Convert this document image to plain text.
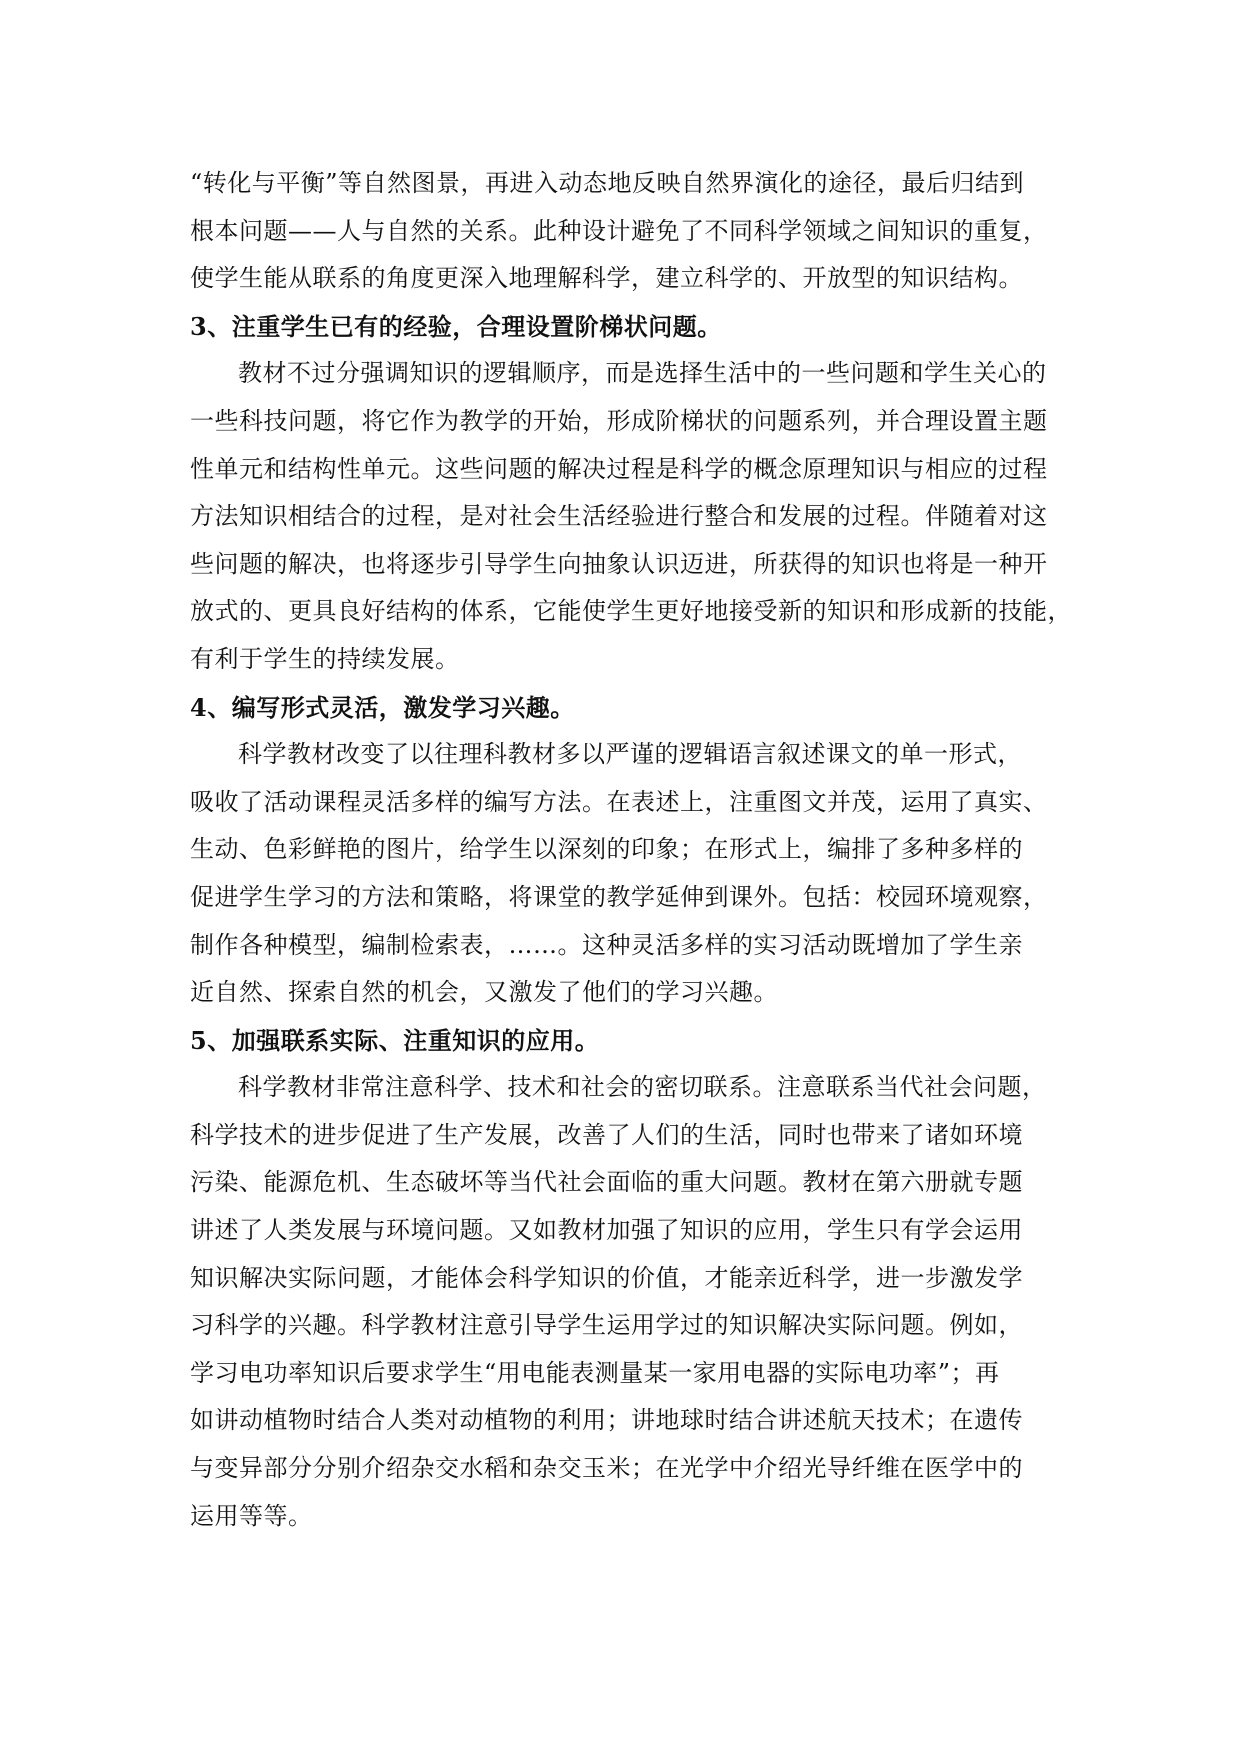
“转化与平衡”等自然图景，再进入动态地反映自然界演化的途径，最后归结到

根本问题——人与自然的关系。此种设计避免了不同科学领域之间知识的重复，

使学生能从联系的角度更深入地理解科学，建立科学的、开放型的知识结构。

3、注重学生已有的经验，合理设置阶梯状问题。

教材不过分强调知识的逻辑顺序，而是选择生活中的一些问题和学生关心的

一些科技问题，将它作为教学的开始，形成阶梯状的问题系列，并合理设置主题

性单元和结构性单元。这些问题的解决过程是科学的概念原理知识与相应的过程

方法知识相结合的过程，是对社会生活经验进行整合和发展的过程。伴随着对这

些问题的解决，也将逐步引导学生向抽象认识迈进，所获得的知识也将是一种开

放式的、更具良好结构的体系，它能使学生更好地接受新的知识和形成新的技能，

有利于学生的持续发展。

4、编写形式灵活，激发学习兴趣。

科学教材改变了以往理科教材多以严谨的逻辑语言叙述课文的单一形式，

吸收了活动课程灵活多样的编写方法。在表述上，注重图文并茂，运用了真实、

生动、色彩鲜艳的图片，给学生以深刻的印象；在形式上，编排了多种多样的

促进学生学习的方法和策略，将课堂的教学延伸到课外。包括：校园环境观察，

制作各种模型，编制检索表，……。这种灵活多样的实习活动既增加了学生亲

近自然、探索自然的机会，又激发了他们的学习兴趣。

5、加强联系实际、注重知识的应用。

科学教材非常注意科学、技术和社会的密切联系。注意联系当代社会问题，

科学技术的进步促进了生产发展，改善了人们的生活，同时也带来了诸如环境

污染、能源危机、生态破坏等当代社会面临的重大问题。教材在第六册就专题

讲述了人类发展与环境问题。又如教材加强了知识的应用，学生只有学会运用

知识解决实际问题，才能体会科学知识的价值，才能亲近科学，进一步激发学

习科学的兴趣。科学教材注意引导学生运用学过的知识解决实际问题。例如，

学习电功率知识后要求学生“用电能表测量某一家用电器的实际电功率”；再

如讲动植物时结合人类对动植物的利用；讲地球时结合讲述航天技术；在遗传

与变异部分分别介绍杂交水稻和杂交玉米；在光学中介绍光导纤维在医学中的

运用等等。
